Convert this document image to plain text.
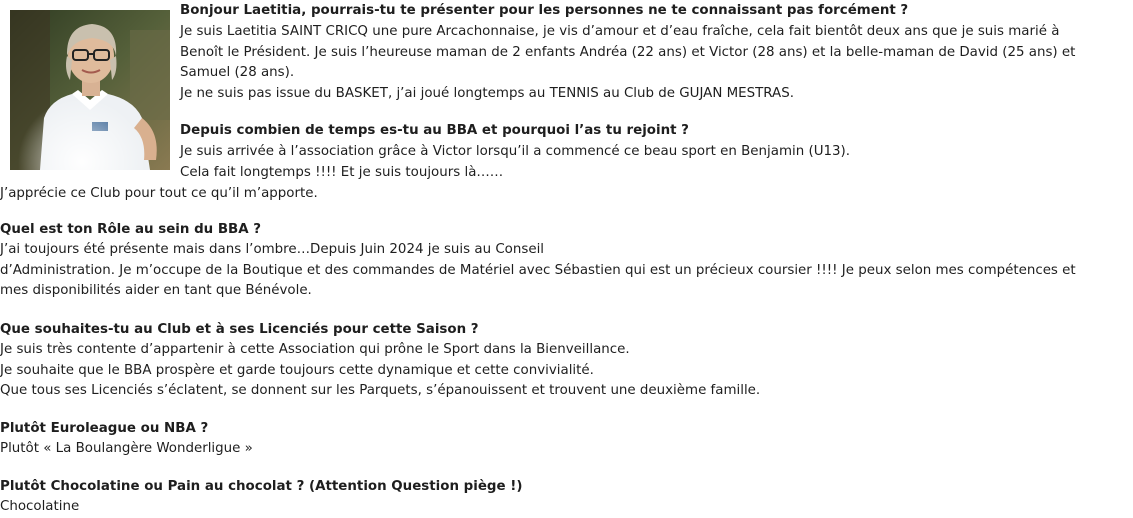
Bonjour Laetitia, pourrais-tu te présenter pour les personnes ne te connaissant pas forcément ?

Je suis Laetitia SAINT CRICQ une pure Arcachonnaise, je vis d’amour et d’eau fraîche, cela fait bientôt deux ans que je suis marié à
Benoît le Président. Je suis l’heureuse maman de 2 enfants Andréa (22 ans) et Victor (28 ans) et la belle-maman de David (25 ans) et
Samuel (28 ans).
Je ne suis pas issue du BASKET, j’ai joué longtemps au TENNIS au Club de GUJAN MESTRAS.

Depuis combien de temps es-tu au BBA et pourquoi l’as tu rejoint ?

Je suis arrivée à l’association grâce à Victor lorsqu’il a commencé ce beau sport en Benjamin (U13).
Cela fait longtemps !!!! Et je suis toujours là……

J’apprécie ce Club pour tout ce qu’il m’apporte.

Quel est ton Rôle au sein du BBA ?

J’ai toujours été présente mais dans l’ombre…Depuis Juin 2024 je suis au Conseil
d’Administration. Je m’occupe de la Boutique et des commandes de Matériel avec Sébastien qui est un précieux coursier !!!! Je peux selon mes compétences et
mes disponibilités aider en tant que Bénévole.

Que souhaites-tu au Club et à ses Licenciés pour cette Saison ?

Je suis très contente d’appartenir à cette Association qui prône le Sport dans la Bienveillance.
Je souhaite que le BBA prospère et garde toujours cette dynamique et cette convivialité.
Que tous ses Licenciés s’éclatent, se donnent sur les Parquets, s’épanouissent et trouvent une deuxième famille.

Plutôt Euroleague ou NBA ?

Plutôt « La Boulangère Wonderligue »

Plutôt Chocolatine ou Pain au chocolat ? (Attention Question piège !)

Chocolatine
